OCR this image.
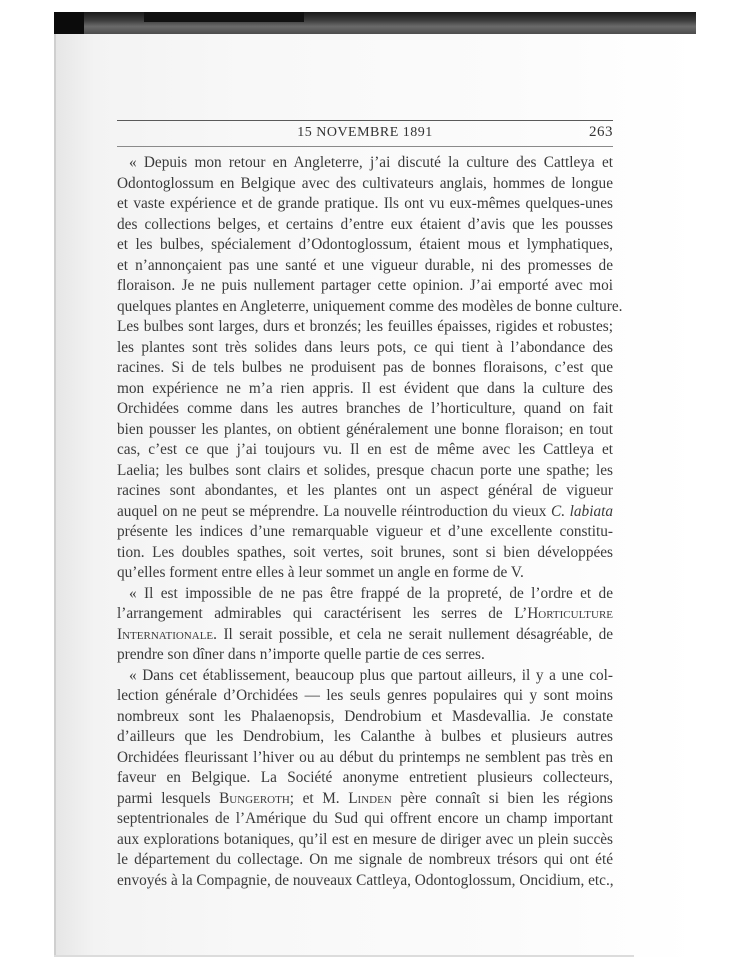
15 NOVEMBRE 1891	263
« Depuis mon retour en Angleterre, j’ai discuté la culture des Cattleya et
Odontoglossum en Belgique avec des cultivateurs anglais, hommes de longue
et vaste expérience et de grande pratique. Ils ont vu eux-mêmes quelques-unes
des collections belges, et certains d’entre eux étaient d’avis que les pousses
et les bulbes, spécialement d’Odontoglossum, étaient mous et lymphatiques,
et n’annonçaient pas une santé et une vigueur durable, ni des promesses de
floraison. Je ne puis nullement partager cette opinion. J’ai emporté avec moi
quelques plantes en Angleterre, uniquement comme des modèles de bonne culture.
Les bulbes sont larges, durs et bronzés; les feuilles épaisses, rigides et robustes;
les plantes sont très solides dans leurs pots, ce qui tient à l’abondance des
racines. Si de tels bulbes ne produisent pas de bonnes floraisons, c’est que
mon expérience ne m’a rien appris. Il est évident que dans la culture des
Orchidées comme dans les autres branches de l’horticulture, quand on fait
bien pousser les plantes, on obtient généralement une bonne floraison; en tout
cas, c’est ce que j’ai toujours vu. Il en est de même avec les Cattleya et
Laelia; les bulbes sont clairs et solides, presque chacun porte une spathe; les
racines sont abondantes, et les plantes ont un aspect général de vigueur
auquel on ne peut se méprendre. La nouvelle réintroduction du vieux C. labiata
présente les indices d’une remarquable vigueur et d’une excellente constitu-
tion. Les doubles spathes, soit vertes, soit brunes, sont si bien développées
qu’elles forment entre elles à leur sommet un angle en forme de V.
« Il est impossible de ne pas être frappé de la propreté, de l’ordre et de
l’arrangement admirables qui caractérisent les serres de L’Horticulture
Internationale. Il serait possible, et cela ne serait nullement désagréable, de
prendre son dîner dans n’importe quelle partie de ces serres.
« Dans cet établissement, beaucoup plus que partout ailleurs, il y a une col-
lection générale d’Orchidées — les seuls genres populaires qui y sont moins
nombreux sont les Phalaenopsis, Dendrobium et Masdevallia. Je constate
d’ailleurs que les Dendrobium, les Calanthe à bulbes et plusieurs autres
Orchidées fleurissant l’hiver ou au début du printemps ne semblent pas très en
faveur en Belgique. La Société anonyme entretient plusieurs collecteurs,
parmi lesquels Bungeroth; et M. Linden père connaît si bien les régions
septentrionales de l’Amérique du Sud qui offrent encore un champ important
aux explorations botaniques, qu’il est en mesure de diriger avec un plein succès
le département du collectage. On me signale de nombreux trésors qui ont été
envoyés à la Compagnie, de nouveaux Cattleya, Odontoglossum, Oncidium, etc.,
